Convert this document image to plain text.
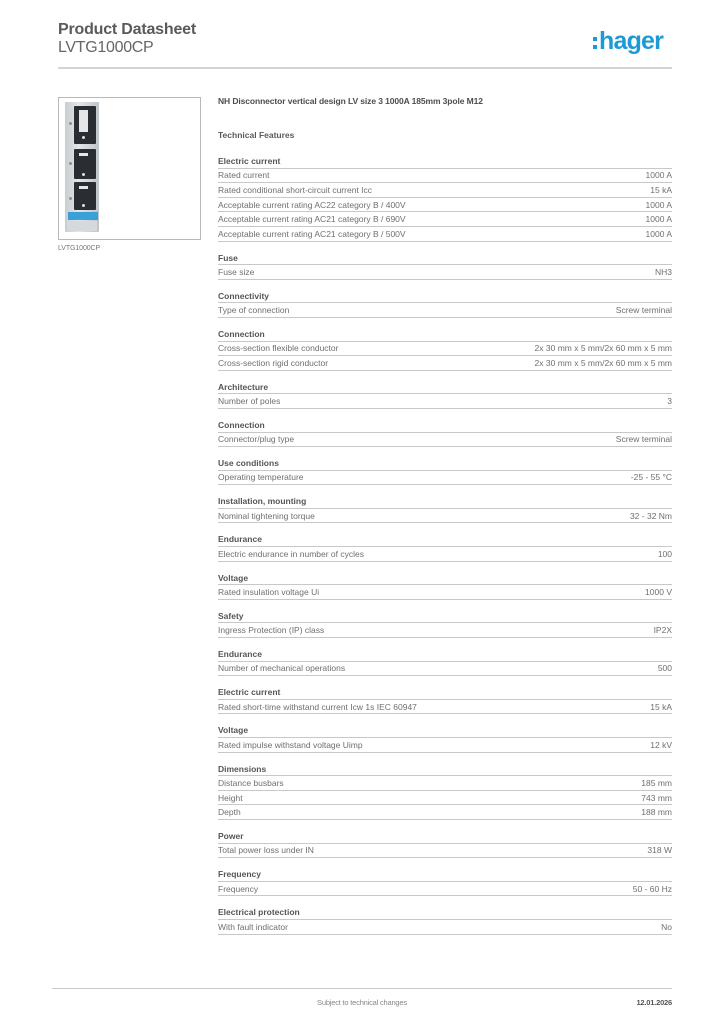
Product Datasheet
LVTG1000CP	hager
LVTG1000CP
NH Disconnector vertical design LV size 3 1000A 185mm 3pole M12
Technical Features
Electric current
Rated current	1000 A
Rated conditional short-circuit current Icc	15 kA
Acceptable current rating AC22 category B / 400V	1000 A
Acceptable current rating AC21 category B / 690V	1000 A
Acceptable current rating AC21 category B / 500V	1000 A
Fuse
Fuse size	NH3
Connectivity
Type of connection	Screw terminal
Connection
Cross-section flexible conductor	2x 30 mm x 5 mm/2x 60 mm x 5 mm
Cross-section rigid conductor	2x 30 mm x 5 mm/2x 60 mm x 5 mm
Architecture
Number of poles	3
Connection
Connector/plug type	Screw terminal
Use conditions
Operating temperature	-25 - 55 °C
Installation, mounting
Nominal tightening torque	32 - 32 Nm
Endurance
Electric endurance in number of cycles	100
Voltage
Rated insulation voltage Ui	1000 V
Safety
Ingress Protection (IP) class	IP2X
Endurance
Number of mechanical operations	500
Electric current
Rated short-time withstand current Icw 1s IEC 60947	15 kA
Voltage
Rated impulse withstand voltage Uimp	12 kV
Dimensions
Distance busbars	185 mm
Height	743 mm
Depth	188 mm
Power
Total power loss under IN	318 W
Frequency
Frequency	50 - 60 Hz
Electrical protection
With fault indicator	No
Subject to technical changes	12.01.2026
